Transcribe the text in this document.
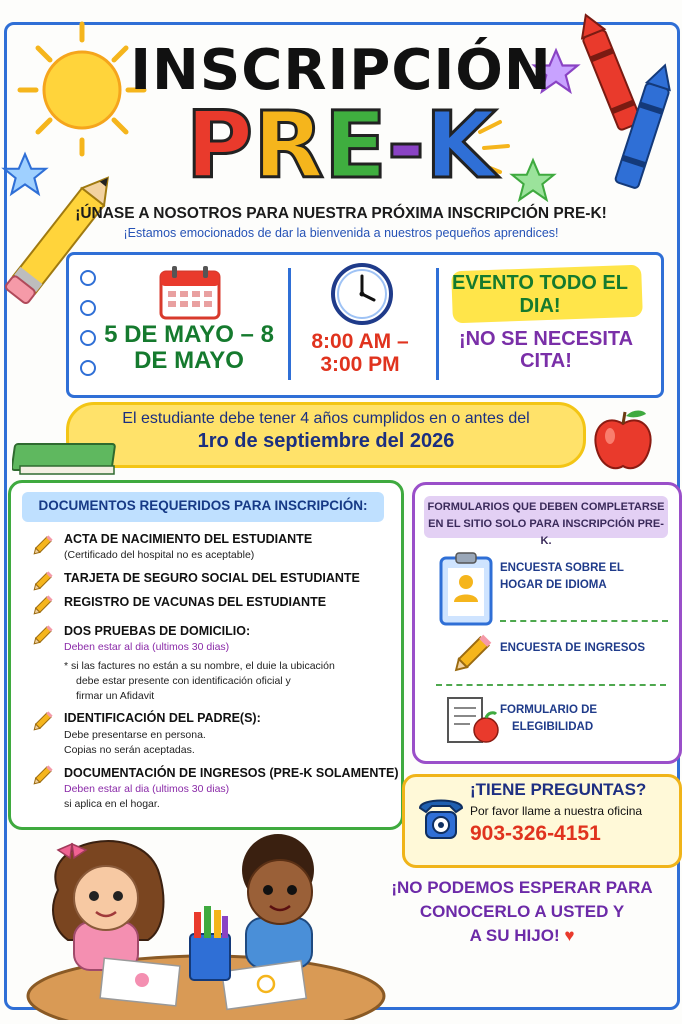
INSCRIPCIÓN
PRE-K
¡ÚNASE A NOSOTROS PARA NUESTRA PRÓXIMA INSCRIPCIÓN PRE-K!
¡Estamos emocionados de dar la bienvenida a nuestros pequeños aprendices!
5 DE MAYO – 8 DE MAYO
8:00 AM – 3:00 PM
EVENTO TODO EL DIA!
¡NO SE NECESITA CITA!
El estudiante debe tener 4 años cumplidos en o antes del
1ro de septiembre del 2026
DOCUMENTOS REQUERIDOS PARA INSCRIPCIÓN:
ACTA DE NACIMIENTO DEL ESTUDIANTE
(Certificado del hospital no es aceptable)
TARJETA DE SEGURO SOCIAL DEL ESTUDIANTE
REGISTRO DE VACUNAS DEL ESTUDIANTE
DOS PRUEBAS DE DOMICILIO:
Deben estar al dia (ultimos 30 dias)
* si las factures no están a su nombre, el duie la ubicación
debe estar presente con identificación oficial y
firmar un Afidavit
IDENTIFICACIÓN DEL PADRE(S):
Debe presentarse en persona.
Copias no serán aceptadas.
DOCUMENTACIÓN DE INGRESOS (PRE-K SOLAMENTE)
Deben estar al dia (ultimos 30 dias)
si aplica en el hogar.
FORMULARIOS QUE DEBEN COMPLETARSE
EN EL SITIO SOLO PARA INSCRIPCIÓN PRE-K.
ENCUESTA SOBRE EL
HOGAR DE IDIOMA
ENCUESTA DE INGRESOS
FORMULARIO DE
ELEGIBILIDAD
¡TIENE PREGUNTAS?
Por favor llame a nuestra oficina
903-326-4151
¡NO PODEMOS ESPERAR PARA
CONOCERLO A USTED Y
A SU HIJO! ♥
